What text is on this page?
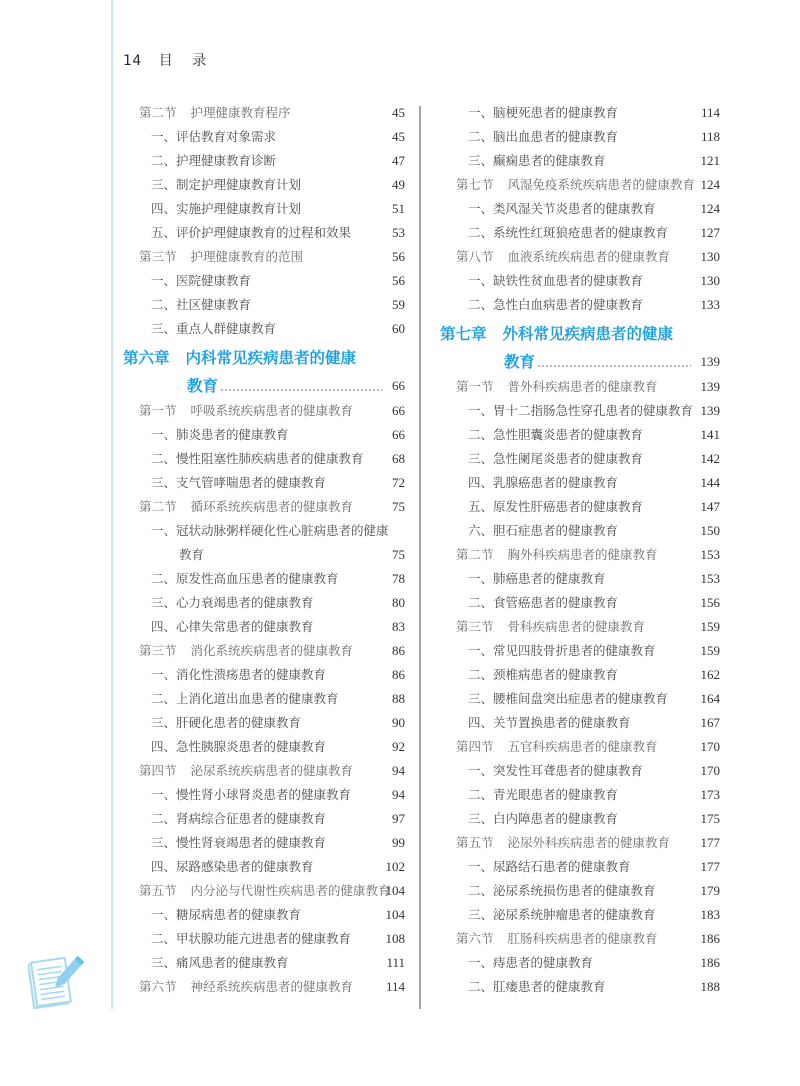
14 目 录
第二节 护理健康教育程序	45
一、评估教育对象需求	45
二、护理健康教育诊断	47
三、制定护理健康教育计划	49
四、实施护理健康教育计划	51
五、评价护理健康教育的过程和效果	53
第三节 护理健康教育的范围	56
一、医院健康教育	56
二、社区健康教育	59
三、重点人群健康教育	60
第六章 内科常见疾病患者的健康
教育	66
第一节 呼吸系统疾病患者的健康教育	66
一、肺炎患者的健康教育	66
二、慢性阻塞性肺疾病患者的健康教育 68
三、支气管哮喘患者的健康教育	72
第二节 循环系统疾病患者的健康教育	75
一、冠状动脉粥样硬化性心脏病患者的健康
教育	75
二、原发性高血压患者的健康教育	78
三、心力衰竭患者的健康教育	80
四、心律失常患者的健康教育	83
第三节 消化系统疾病患者的健康教育	86
一、消化性溃疡患者的健康教育	86
二、上消化道出血患者的健康教育	88
三、肝硬化患者的健康教育	90
四、急性胰腺炎患者的健康教育	92
第四节 泌尿系统疾病患者的健康教育	94
一、慢性肾小球肾炎患者的健康教育	94
二、肾病综合征患者的健康教育	97
三、慢性肾衰竭患者的健康教育	99
四、尿路感染患者的健康教育	102
第五节 内分泌与代谢性疾病患者的健康教育
104
一、糖尿病患者的健康教育	104
二、甲状腺功能亢进患者的健康教育	108
三、痛风患者的健康教育	111
第六节 神经系统疾病患者的健康教育	114
一、脑梗死患者的健康教育	114
二、脑出血患者的健康教育	118
三、癫痫患者的健康教育	121
第七节 风湿免疫系统疾病患者的健康教育 124
一、类风湿关节炎患者的健康教育	124
二、系统性红斑狼疮患者的健康教育 127
第八节 血液系统疾病患者的健康教育 130
一、缺铁性贫血患者的健康教育	130
二、急性白血病患者的健康教育	133
第七章 外科常见疾病患者的健康
教育	139
第一节 普外科疾病患者的健康教育	139
一、胃十二指肠急性穿孔患者的健康教育 139
二、急性胆囊炎患者的健康教育	141
三、急性阑尾炎患者的健康教育	142
四、乳腺癌患者的健康教育	144
五、原发性肝癌患者的健康教育	147
六、胆石症患者的健康教育	150
第二节 胸外科疾病患者的健康教育	153
一、肺癌患者的健康教育	153
二、食管癌患者的健康教育	156
第三节 骨科疾病患者的健康教育	159
一、常见四肢骨折患者的健康教育	159
二、颈椎病患者的健康教育	162
三、腰椎间盘突出症患者的健康教育 164
四、关节置换患者的健康教育	167
第四节 五官科疾病患者的健康教育	170
一、突发性耳聋患者的健康教育	170
二、青光眼患者的健康教育	173
三、白内障患者的健康教育	175
第五节 泌尿外科疾病患者的健康教育 177
一、尿路结石患者的健康教育	177
二、泌尿系统损伤患者的健康教育	179
三、泌尿系统肿瘤患者的健康教育	183
第六节 肛肠科疾病患者的健康教育	186
一、痔患者的健康教育	186
二、肛瘘患者的健康教育	188
